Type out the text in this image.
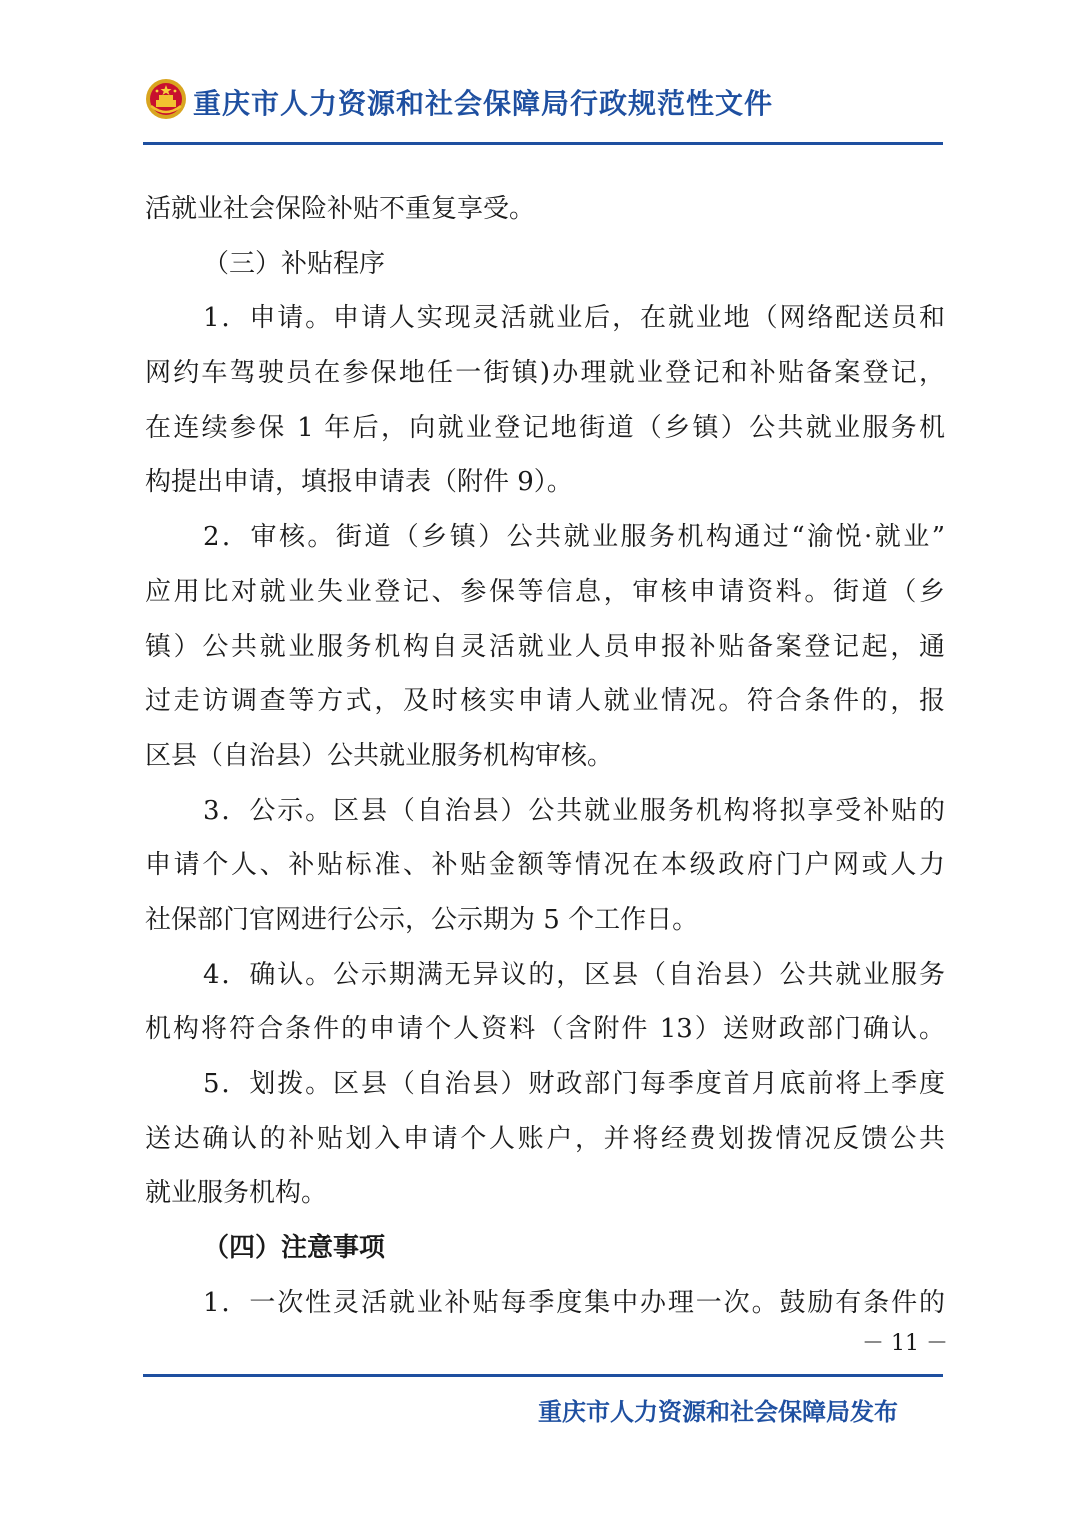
重庆市人力资源和社会保障局行政规范性文件
活就业社会保险补贴不重复享受。
（三）补贴程序
1．申请。申请人实现灵活就业后，在就业地（网络配送员和
网约车驾驶员在参保地任一街镇)办理就业登记和补贴备案登记，
在连续参保 1 年后，向就业登记地街道（乡镇）公共就业服务机
构提出申请，填报申请表（附件 9）。
2．审核。街道（乡镇）公共就业服务机构通过“渝悦·就业”
应用比对就业失业登记、参保等信息，审核申请资料。街道（乡
镇）公共就业服务机构自灵活就业人员申报补贴备案登记起，通
过走访调查等方式，及时核实申请人就业情况。符合条件的，报
区县（自治县）公共就业服务机构审核。
3．公示。区县（自治县）公共就业服务机构将拟享受补贴的
申请个人、补贴标准、补贴金额等情况在本级政府门户网或人力
社保部门官网进行公示，公示期为 5 个工作日。
4．确认。公示期满无异议的，区县（自治县）公共就业服务
机构将符合条件的申请个人资料（含附件 13）送财政部门确认。
5．划拨。区县（自治县）财政部门每季度首月底前将上季度
送达确认的补贴划入申请个人账户，并将经费划拨情况反馈公共
就业服务机构。
（四）注意事项
1．一次性灵活就业补贴每季度集中办理一次。鼓励有条件的
－ 11 －
重庆市人力资源和社会保障局发布
